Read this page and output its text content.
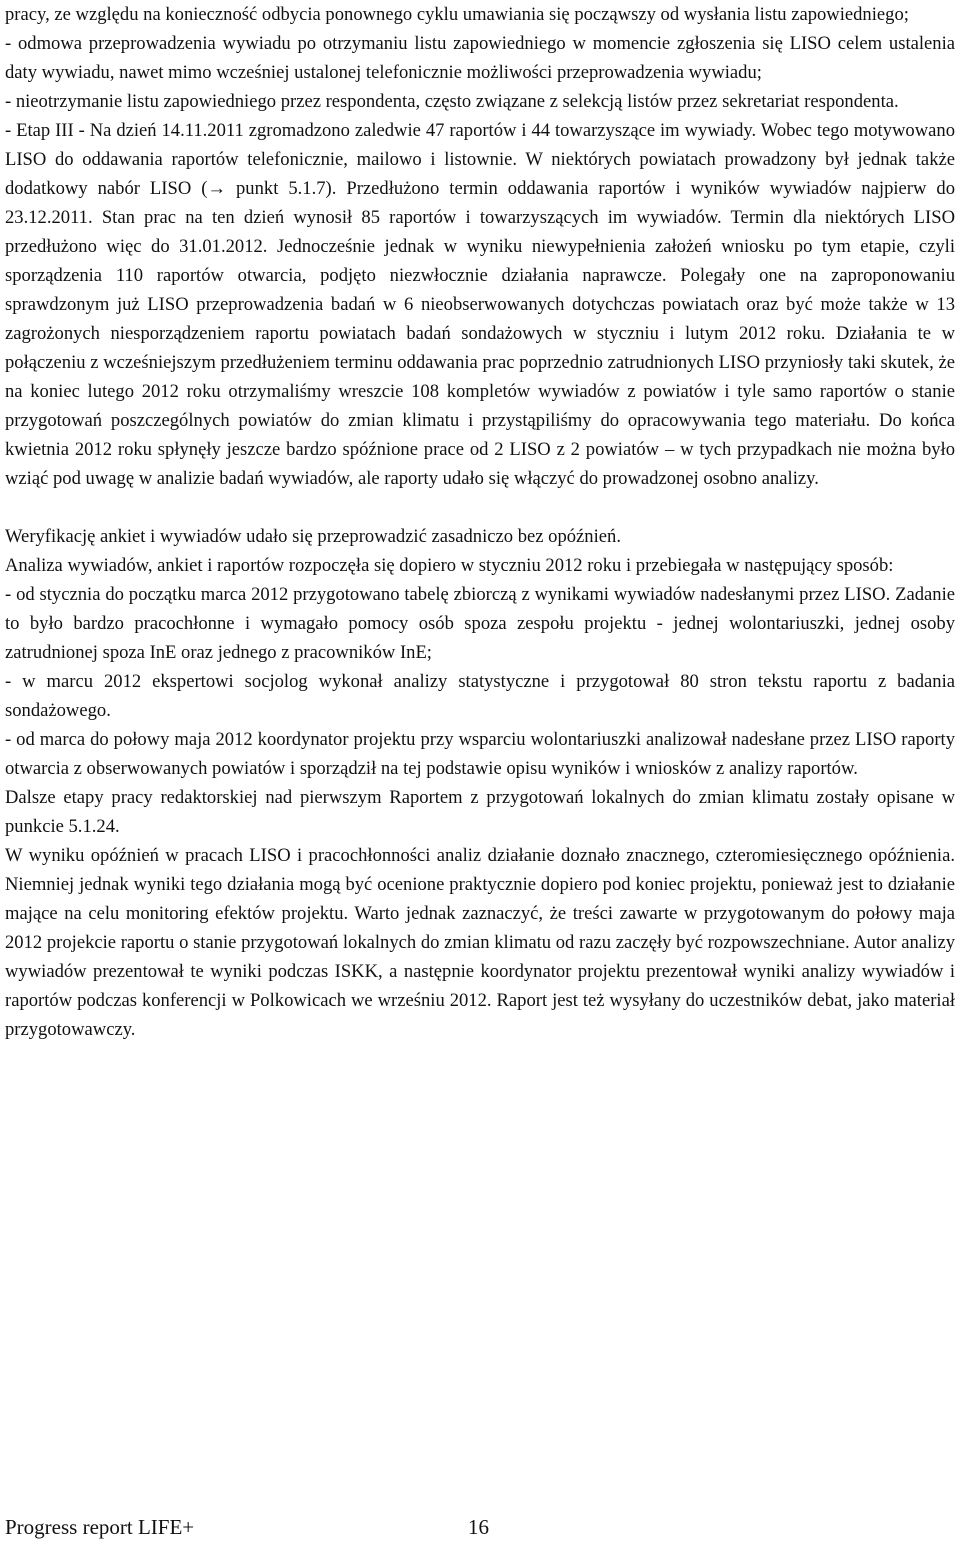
pracy, ze względu na konieczność odbycia ponownego cyklu umawiania się począwszy od wysłania listu zapowiedniego;

- odmowa przeprowadzenia wywiadu po otrzymaniu listu zapowiedniego w momencie zgłoszenia się LISO celem ustalenia daty wywiadu, nawet mimo wcześniej ustalonej telefonicznie możliwości przeprowadzenia wywiadu;

- nieotrzymanie listu zapowiedniego przez respondenta, często związane z selekcją listów przez sekretariat respondenta.

- Etap III - Na dzień 14.11.2011 zgromadzono zaledwie 47 raportów i 44 towarzyszące im wywiady. Wobec tego motywowano LISO do oddawania raportów telefonicznie, mailowo i listownie. W niektórych powiatach prowadzony był jednak także dodatkowy nabór LISO (→ punkt 5.1.7). Przedłużono termin oddawania raportów i wyników wywiadów najpierw do 23.12.2011. Stan prac na ten dzień wynosił 85 raportów i towarzyszących im wywiadów. Termin dla niektórych LISO przedłużono więc do 31.01.2012. Jednocześnie jednak w wyniku niewypełnienia założeń wniosku po tym etapie, czyli sporządzenia 110 raportów otwarcia, podjęto niezwłocznie działania naprawcze. Polegały one na zaproponowaniu sprawdzonym już LISO przeprowadzenia badań w 6 nieobserwowanych dotychczas powiatach oraz być może także w 13 zagrożonych niesporządzeniem raportu powiatach badań sondażowych w styczniu i lutym 2012 roku. Działania te w połączeniu z wcześniejszym przedłużeniem terminu oddawania prac poprzednio zatrudnionych LISO przyniosły taki skutek, że na koniec lutego 2012 roku otrzymaliśmy wreszcie 108 kompletów wywiadów z powiatów i tyle samo raportów o stanie przygotowań poszczególnych powiatów do zmian klimatu i przystąpiliśmy do opracowywania tego materiału. Do końca kwietnia 2012 roku spłynęły jeszcze bardzo spóźnione prace od 2 LISO z 2 powiatów – w tych przypadkach nie można było wziąć pod uwagę w analizie badań wywiadów, ale raporty udało się włączyć do prowadzonej osobno analizy.

Weryfikację ankiet i wywiadów udało się przeprowadzić zasadniczo bez opóźnień.

Analiza wywiadów, ankiet i raportów rozpoczęła się dopiero w styczniu 2012 roku i przebiegała w następujący sposób:

- od stycznia do początku marca 2012 przygotowano tabelę zbiorczą z wynikami wywiadów nadesłanymi przez LISO. Zadanie to było bardzo pracochłonne i wymagało pomocy osób spoza zespołu projektu - jednej wolontariuszki, jednej osoby zatrudnionej spoza InE oraz jednego z pracowników InE;

- w marcu 2012 ekspertowi socjolog wykonał analizy statystyczne i przygotował 80 stron tekstu raportu z badania sondażowego.

- od marca do połowy maja 2012 koordynator projektu przy wsparciu wolontariuszki analizował nadesłane przez LISO raporty otwarcia z obserwowanych powiatów i sporządził na tej podstawie opisu wyników i wniosków z analizy raportów.

Dalsze etapy pracy redaktorskiej nad pierwszym Raportem z przygotowań lokalnych do zmian klimatu zostały opisane w punkcie 5.1.24.

W wyniku opóźnień w pracach LISO i pracochłonności analiz działanie doznało znacznego, czteromiesięcznego opóźnienia. Niemniej jednak wyniki tego działania mogą być ocenione praktycznie dopiero pod koniec projektu, ponieważ jest to działanie mające na celu monitoring efektów projektu. Warto jednak zaznaczyć, że treści zawarte w przygotowanym do połowy maja 2012 projekcie raportu o stanie przygotowań lokalnych do zmian klimatu od razu zaczęły być rozpowszechniane. Autor analizy wywiadów prezentował te wyniki podczas ISKK, a następnie koordynator projektu prezentował wyniki analizy wywiadów i raportów podczas konferencji w Polkowicach we wrześniu 2012. Raport jest też wysyłany do uczestników debat, jako materiał przygotowawczy.

Progress report LIFE+	16
